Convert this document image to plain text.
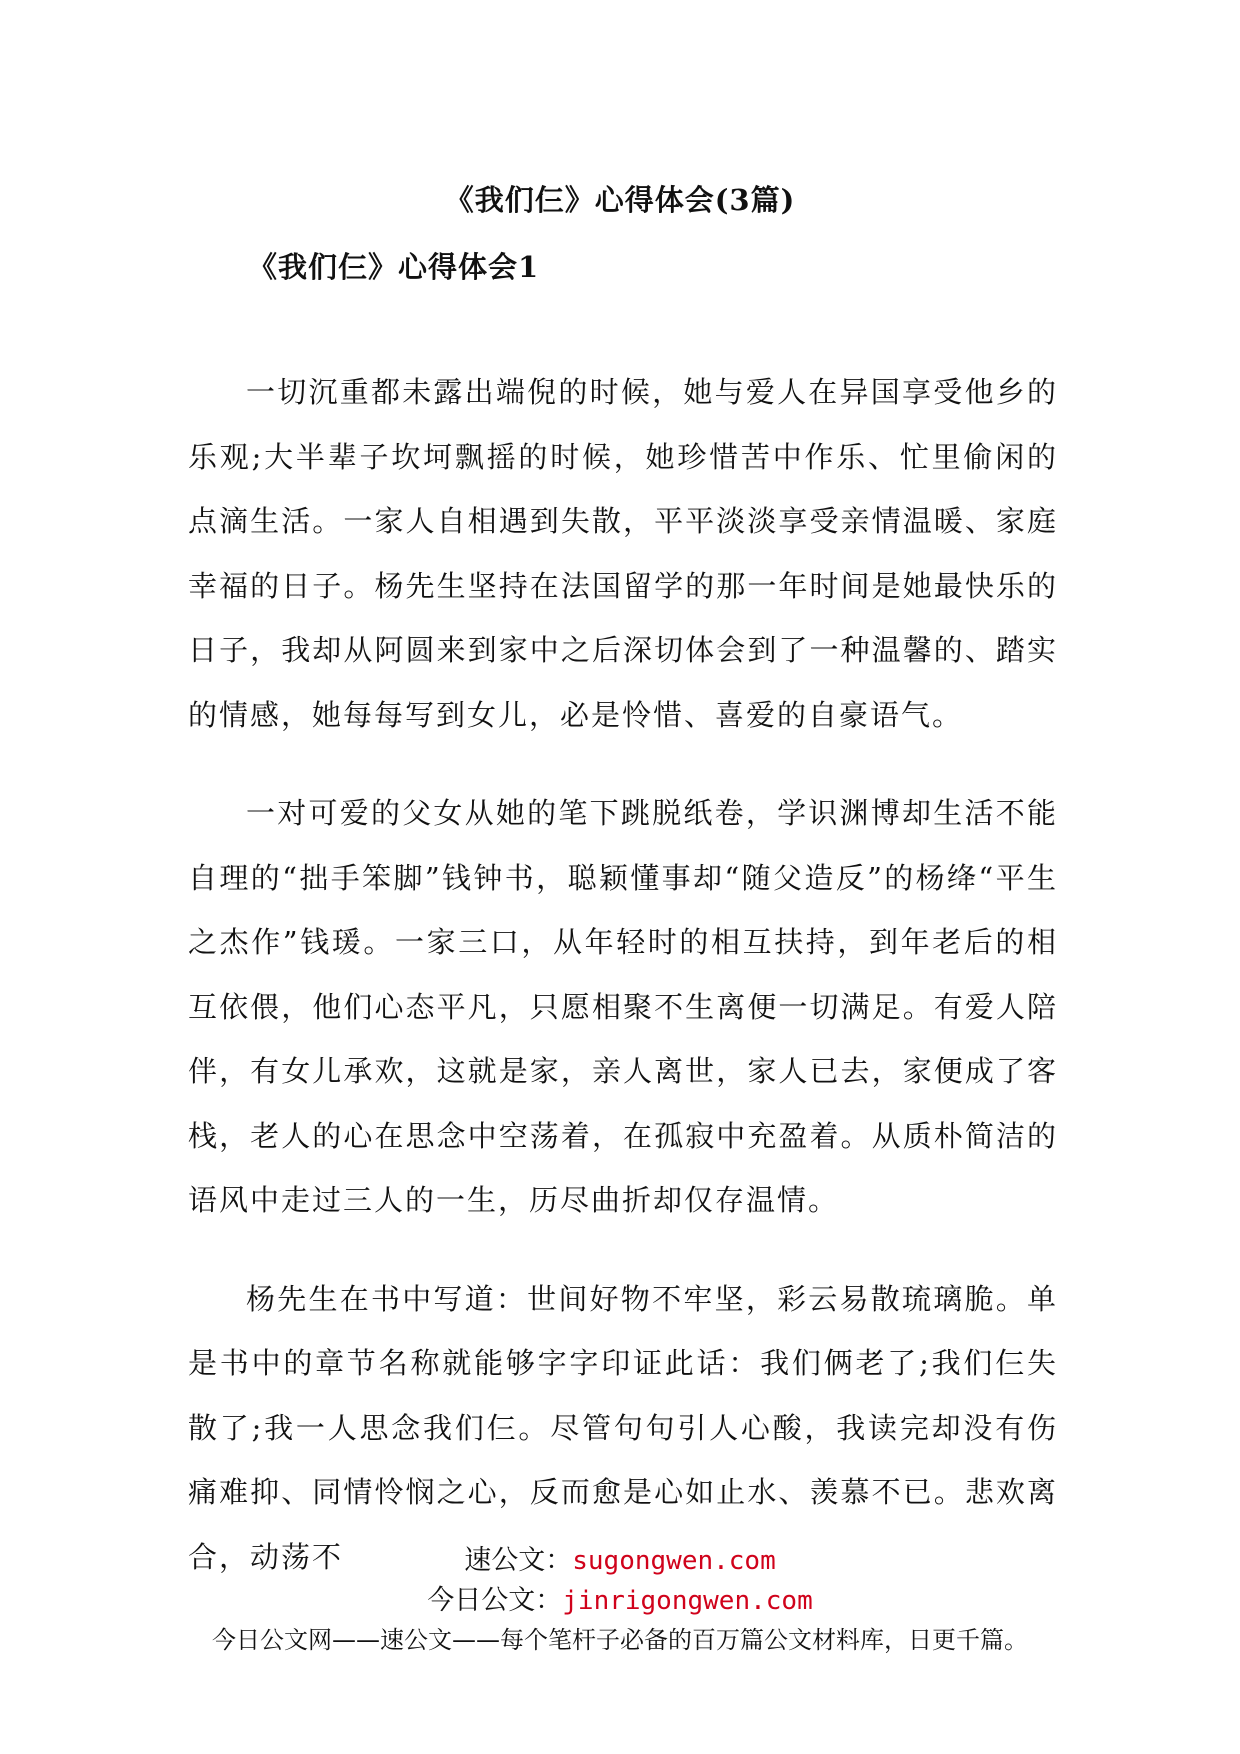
《我们仨》心得体会(3篇)
《我们仨》心得体会1

一切沉重都未露出端倪的时候，她与爱人在异国享受他乡的乐观;大半辈子坎坷飘摇的时候，她珍惜苦中作乐、忙里偷闲的点滴生活。一家人自相遇到失散，平平淡淡享受亲情温暖、家庭幸福的日子。杨先生坚持在法国留学的那一年时间是她最快乐的日子，我却从阿圆来到家中之后深切体会到了一种温馨的、踏实的情感，她每每写到女儿，必是怜惜、喜爱的自豪语气。

一对可爱的父女从她的笔下跳脱纸卷，学识渊博却生活不能自理的“拙手笨脚”钱钟书，聪颖懂事却“随父造反”的杨绛“平生之杰作”钱瑗。一家三口，从年轻时的相互扶持，到年老后的相互依偎，他们心态平凡，只愿相聚不生离便一切满足。有爱人陪伴，有女儿承欢，这就是家，亲人离世，家人已去，家便成了客栈，老人的心在思念中空荡着，在孤寂中充盈着。从质朴简洁的语风中走过三人的一生，历尽曲折却仅存温情。

杨先生在书中写道：世间好物不牢坚，彩云易散琉璃脆。单是书中的章节名称就能够字字印证此话：我们俩老了;我们仨失散了;我一人思念我们仨。尽管句句引人心酸，我读完却没有伤痛难抑、同情怜悯之心，反而愈是心如止水、羡慕不已。悲欢离合，动荡不	速公文：sugongwen.com
今日公文：jinrigongwen.com
今日公文网——速公文——每个笔杆子必备的百万篇公文材料库，日更千篇。
